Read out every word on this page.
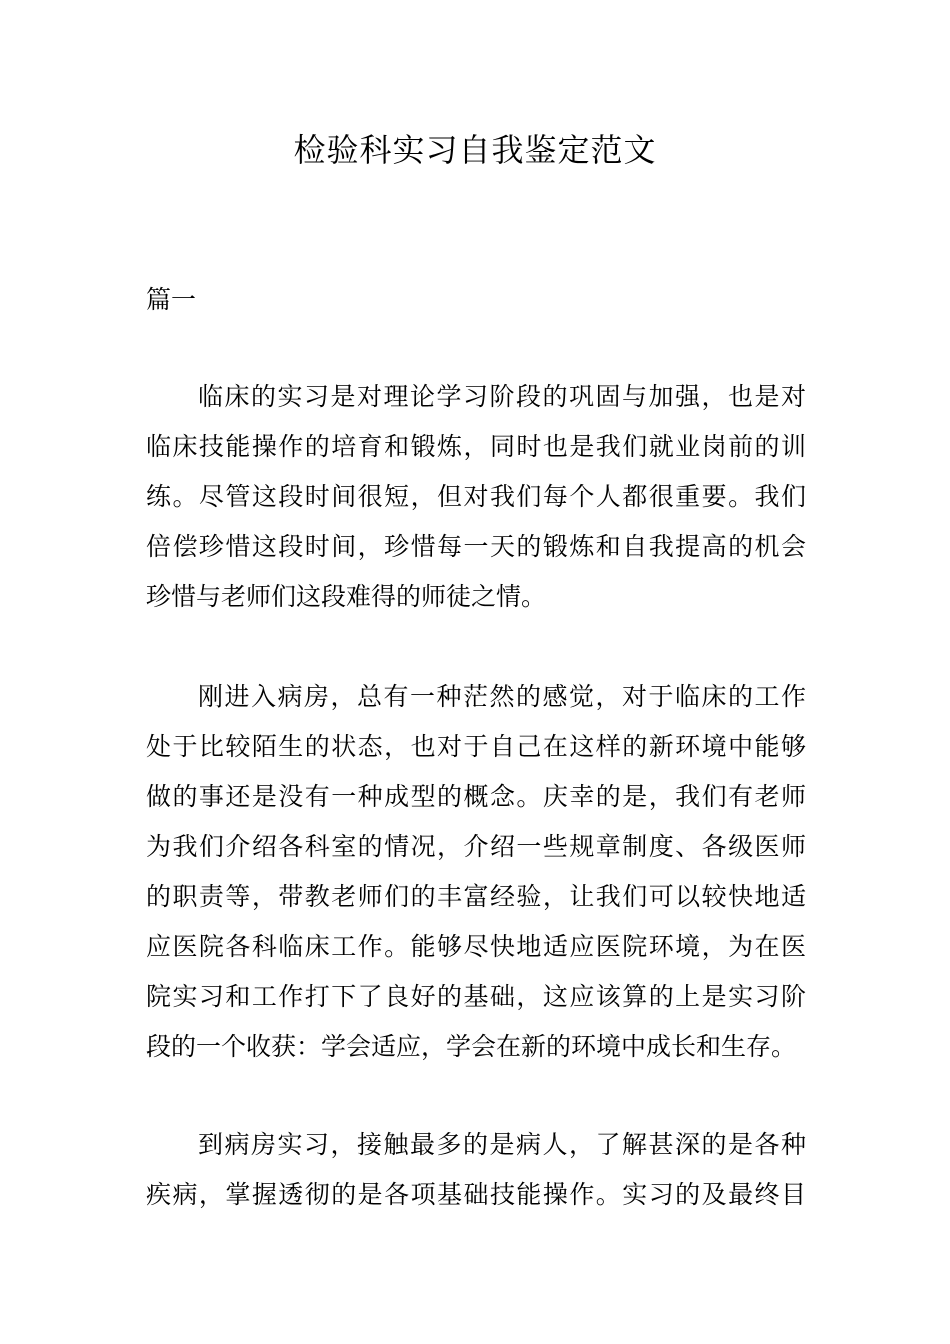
检验科实习自我鉴定范文
篇一
临床的实习是对理论学习阶段的巩固与加强，也是对
临床技能操作的培育和锻炼，同时也是我们就业岗前的训
练。尽管这段时间很短，但对我们每个人都很重要。我们
倍偿珍惜这段时间，珍惜每一天的锻炼和自我提高的机会
珍惜与老师们这段难得的师徒之情。
刚进入病房，总有一种茫然的感觉，对于临床的工作
处于比较陌生的状态，也对于自己在这样的新环境中能够
做的事还是没有一种成型的概念。庆幸的是，我们有老师
为我们介绍各科室的情况，介绍一些规章制度、各级医师
的职责等，带教老师们的丰富经验，让我们可以较快地适
应医院各科临床工作。能够尽快地适应医院环境，为在医
院实习和工作打下了良好的基础，这应该算的上是实习阶
段的一个收获：学会适应，学会在新的环境中成长和生存。
到病房实习，接触最多的是病人，了解甚深的是各种
疾病，掌握透彻的是各项基础技能操作。实习的及最终目
